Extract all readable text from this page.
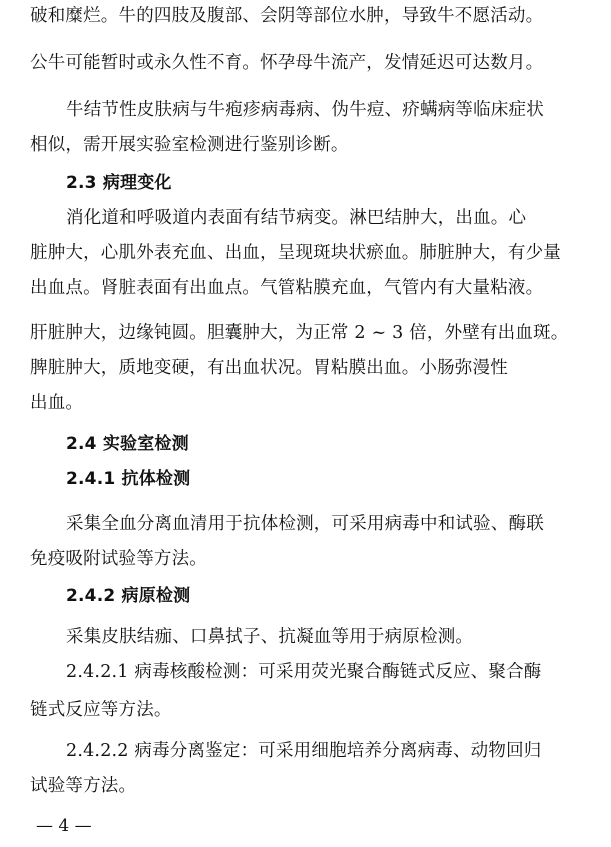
破和糜烂。牛的四肢及腹部、会阴等部位水肿，导致牛不愿活动。
公牛可能暂时或永久性不育。怀孕母牛流产，发情延迟可达数月。
牛结节性皮肤病与牛疱疹病毒病、伪牛痘、疥螨病等临床症状
相似，需开展实验室检测进行鉴别诊断。
2.3 病理变化
消化道和呼吸道内表面有结节病变。淋巴结肿大，出血。心
脏肿大，心肌外表充血、出血，呈现斑块状瘀血。肺脏肿大，有少量
出血点。肾脏表面有出血点。气管粘膜充血，气管内有大量粘液。
肝脏肿大，边缘钝圆。胆囊肿大，为正常 2 ~ 3 倍，外壁有出血斑。
脾脏肿大，质地变硬，有出血状况。胃粘膜出血。小肠弥漫性
出血。
2.4 实验室检测
2.4.1 抗体检测
采集全血分离血清用于抗体检测，可采用病毒中和试验、酶联
免疫吸附试验等方法。
2.4.2 病原检测
采集皮肤结痂、口鼻拭子、抗凝血等用于病原检测。
2.4.2.1 病毒核酸检测：可采用荧光聚合酶链式反应、聚合酶
链式反应等方法。
2.4.2.2 病毒分离鉴定：可采用细胞培养分离病毒、动物回归
试验等方法。
— 4 —
